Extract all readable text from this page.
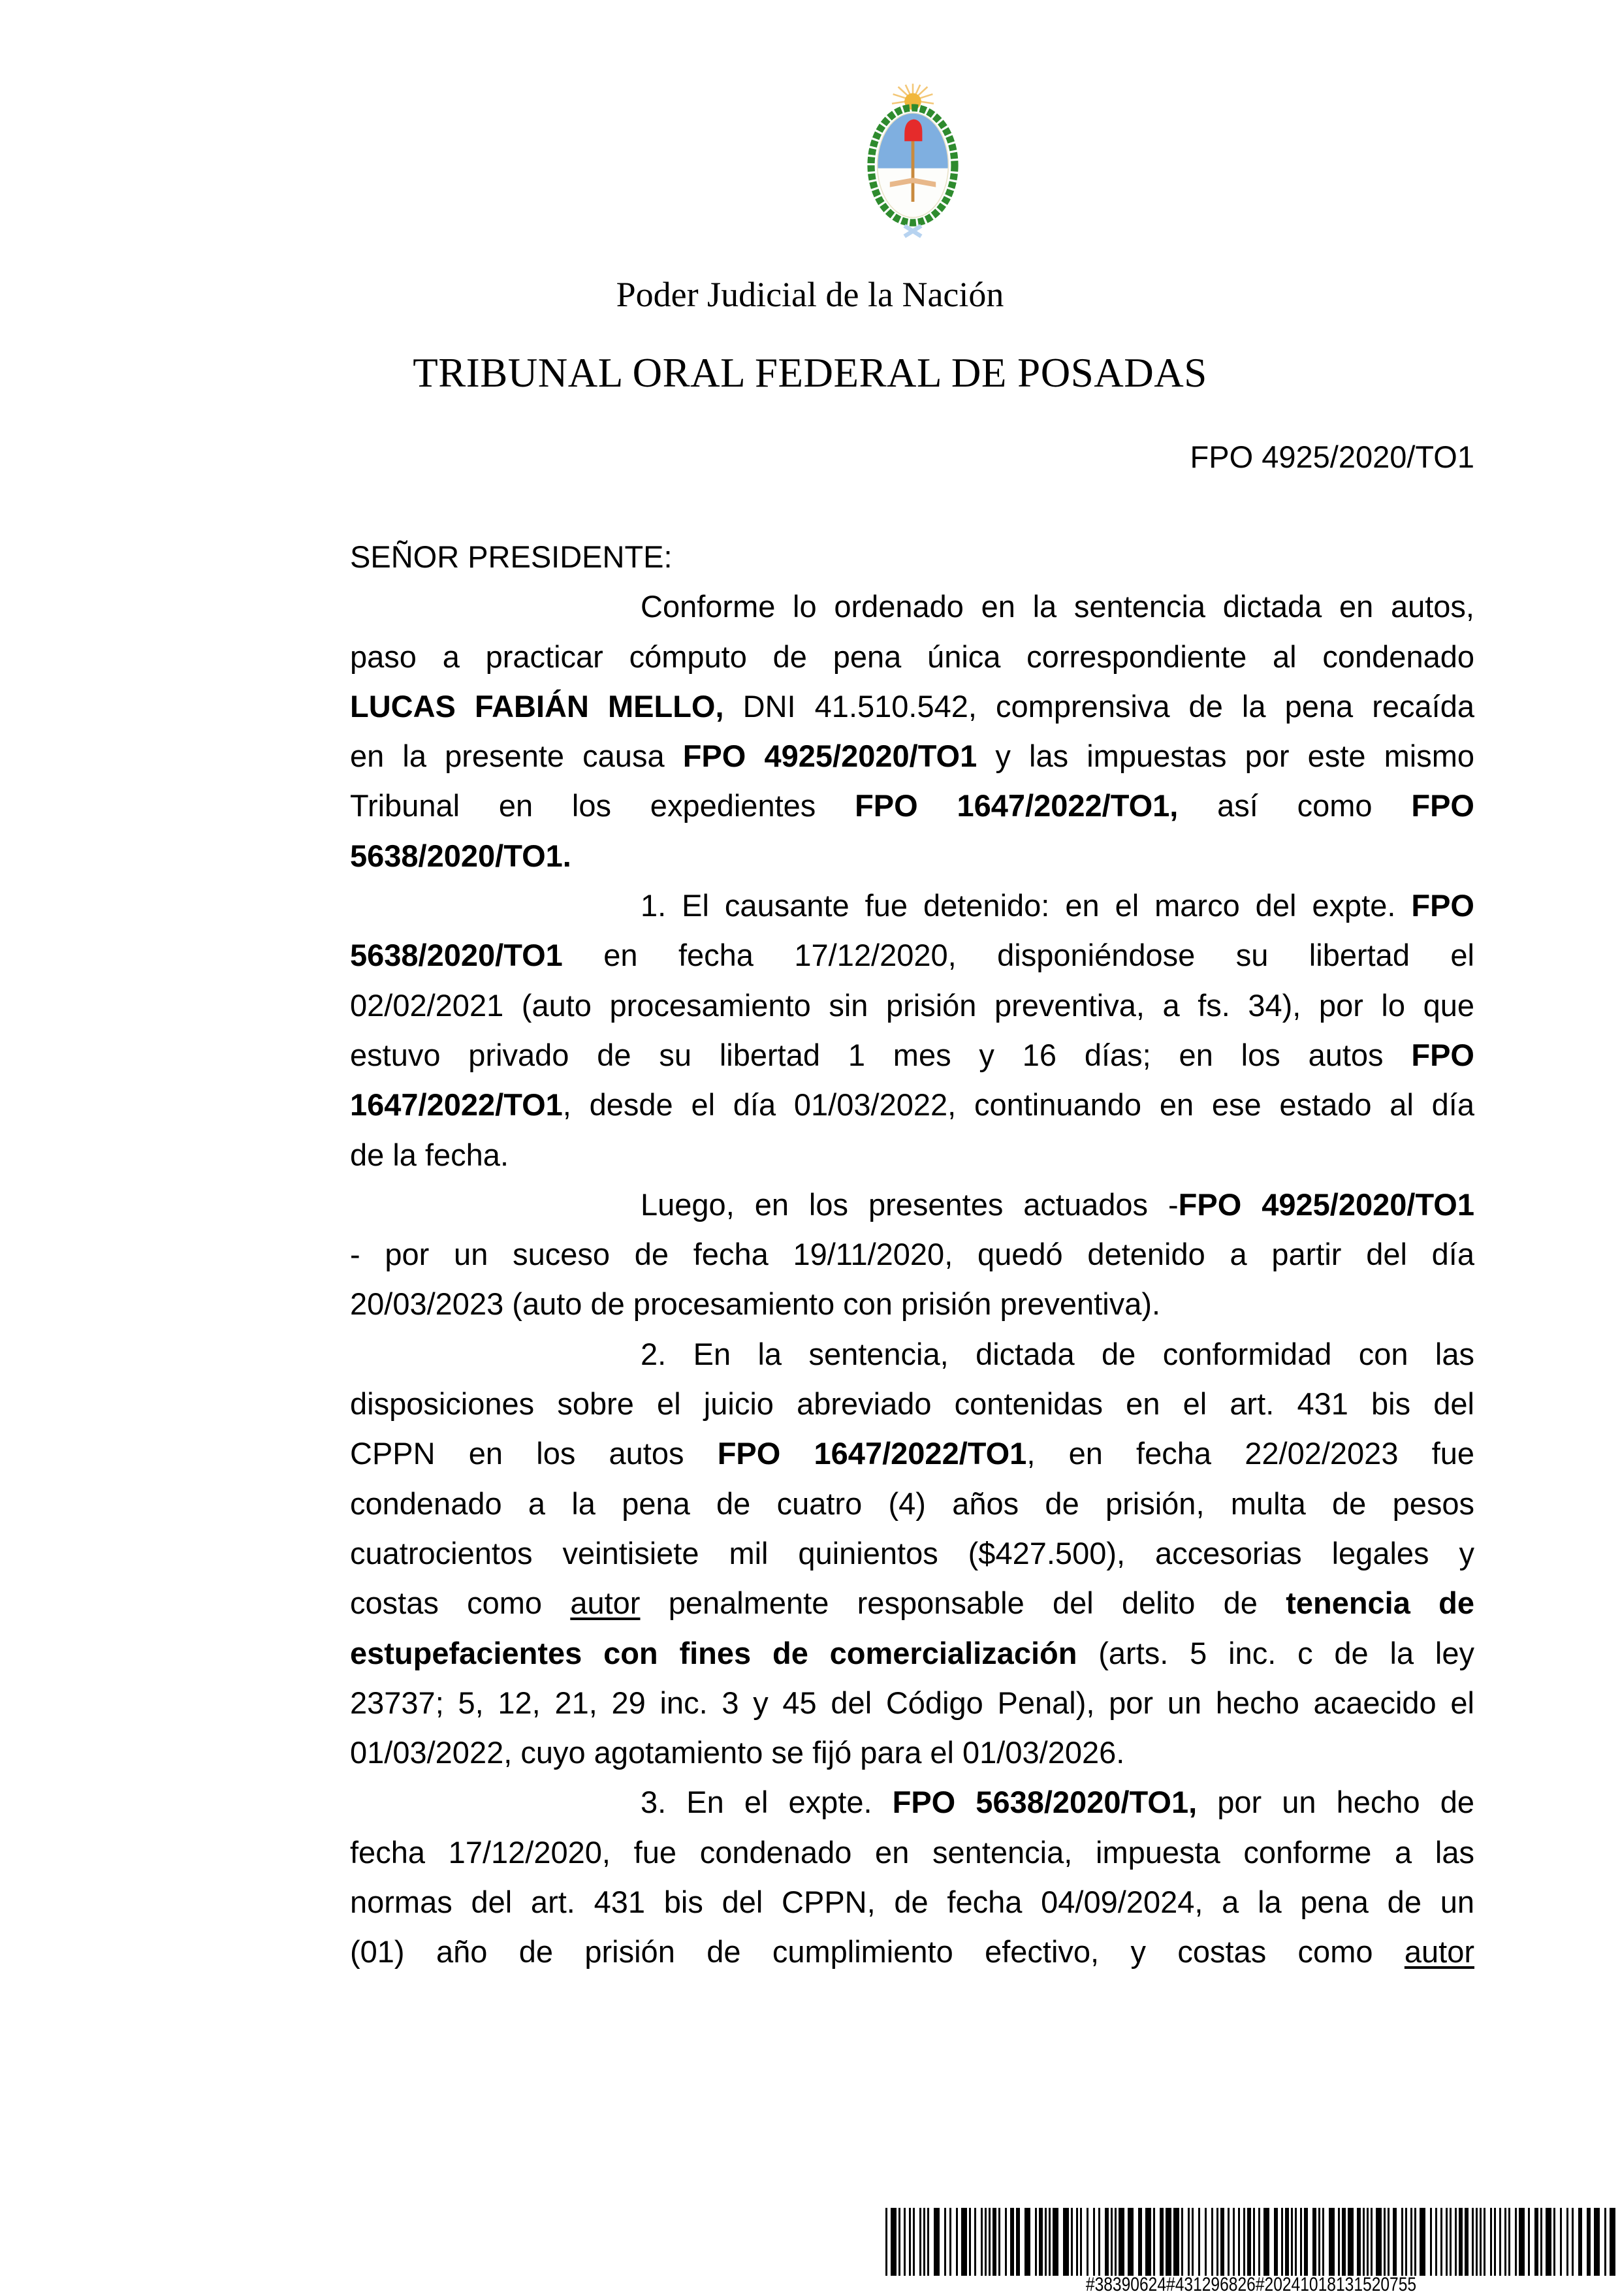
Poder Judicial de la Nación
TRIBUNAL ORAL FEDERAL DE POSADAS
FPO 4925/2020/TO1
SEÑOR PRESIDENTE:
Conforme lo ordenado en la sentencia dictada en autos,
paso a practicar cómputo de pena única correspondiente al condenado
LUCAS FABIÁN MELLO, DNI 41.510.542, comprensiva de la pena recaída
en la presente causa FPO 4925/2020/TO1 y las impuestas por este mismo
Tribunal en los expedientes FPO 1647/2022/TO1, así como FPO
5638/2020/TO1.
1. El causante fue detenido: en el marco del expte. FPO
5638/2020/TO1 en fecha 17/12/2020, disponiéndose su libertad el
02/02/2021 (auto procesamiento sin prisión preventiva, a fs. 34), por lo que
estuvo privado de su libertad 1 mes y 16 días; en los autos FPO
1647/2022/TO1, desde el día 01/03/2022, continuando en ese estado al día
de la fecha.
Luego, en los presentes actuados -FPO 4925/2020/TO1
- por un suceso de fecha 19/11/2020, quedó detenido a partir del día
20/03/2023 (auto de procesamiento con prisión preventiva).
2. En la sentencia, dictada de conformidad con las
disposiciones sobre el juicio abreviado contenidas en el art. 431 bis del
CPPN en los autos FPO 1647/2022/TO1, en fecha 22/02/2023 fue
condenado a la pena de cuatro (4) años de prisión, multa de pesos
cuatrocientos veintisiete mil quinientos ($427.500), accesorias legales y
costas como autor penalmente responsable del delito de tenencia de
estupefacientes con fines de comercialización (arts. 5 inc. c de la ley
23737; 5, 12, 21, 29 inc. 3 y 45 del Código Penal), por un hecho acaecido el
01/03/2022, cuyo agotamiento se fijó para el 01/03/2026.
3. En el expte. FPO 5638/2020/TO1, por un hecho de
fecha 17/12/2020, fue condenado en sentencia, impuesta conforme a las
normas del art. 431 bis del CPPN, de fecha 04/09/2024, a la pena de un
(01) año de prisión de cumplimiento efectivo, y costas como autor
#38390624#431296826#20241018131520755
